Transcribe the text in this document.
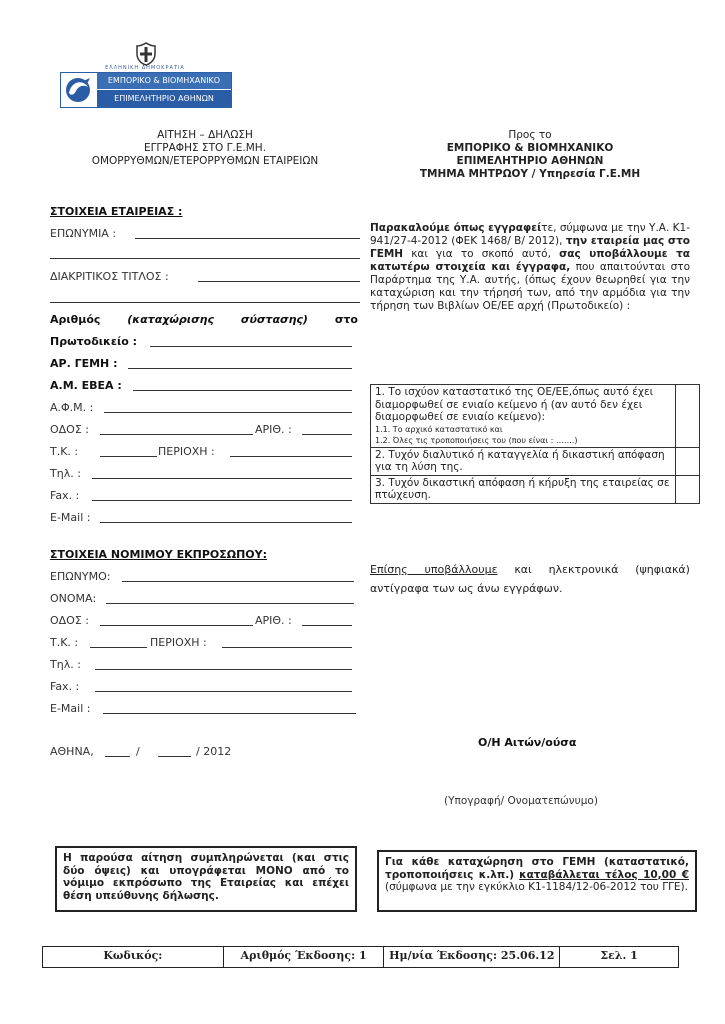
ΕΛΛΗΝΙΚΗ ΔΗΜΟΚΡΑΤΙΑ
ΕΜΠΟΡΙΚΟ & ΒΙΟΜΗΧΑΝΙΚΟ
ΕΠΙΜΕΛΗΤΗΡΙΟ ΑΘΗΝΩΝ
ΑΙΤΗΣΗ – ΔΗΛΩΣΗ
ΕΓΓΡΑΦΗΣ ΣΤΟ Γ.Ε.ΜΗ.
ΟΜΟΡΡΥΘΜΩΝ/ΕΤΕΡΟΡΡΥΘΜΩΝ ΕΤΑΙΡΕΙΩΝ
Προς το
ΕΜΠΟΡΙΚΟ & ΒΙΟΜΗΧΑΝΙΚΟ
ΕΠΙΜΕΛΗΤΗΡΙΟ ΑΘΗΝΩΝ
ΤΜΗΜΑ ΜΗΤΡΩΟΥ / Υπηρεσία Γ.Ε.ΜΗ
ΣΤΟΙΧΕΙΑ ΕΤΑΙΡΕΙΑΣ :
ΕΠΩΝΥΜΙΑ :
ΔΙΑΚΡΙΤΙΚΟΣ ΤΙΤΛΟΣ :
Αριθμός (καταχώρισης σύστασης) στο
Πρωτοδικείο :
ΑΡ. ΓΕΜΗ :
Α.Μ. ΕΒΕΑ :
Α.Φ.Μ. :
ΟΔΟΣ :	ΑΡΙΘ. :
Τ.Κ. :	ΠΕΡΙΟΧΗ :
Τηλ. :
Fax. :
E-Mail :
Παρακαλούμε όπως εγγραφείτε, σύμφωνα με την Υ.Α. Κ1-941/27-4-2012 (ΦΕΚ 1468/ Β/ 2012), την εταιρεία μας στο ΓΕΜΗ και για το σκοπό αυτό, σας υποβάλλουμε τα κατωτέρω στοιχεία και έγγραφα, που απαιτούνται στο Παράρτημα της Υ.Α. αυτής, (όπως έχουν θεωρηθεί για την καταχώριση και την τήρησή των, από την αρμόδια για την τήρηση των Βιβλίων ΟΕ/ΕΕ αρχή (Πρωτοδικείο) :
1. Το ισχύον καταστατικό της ΟΕ/ΕΕ,όπως αυτό έχει διαμορφωθεί σε ενιαίο κείμενο ή (αν αυτό δεν έχει διαμορφωθεί σε ενιαίο κείμενο):
1.1. Το αρχικό καταστατικό και
1.2. Όλες τις τροποποιήσεις του (που είναι : …….)	

2. Τυχόν διαλυτικό ή καταγγελία ή δικαστική απόφαση για τη λύση της.	
3. Τυχόν δικαστική απόφαση ή κήρυξη της εταιρείας σε πτώχευση.	
Επίσης υποβάλλουμε και ηλεκτρονικά (ψηφιακά) αντίγραφα των ως άνω εγγράφων.
ΣΤΟΙΧΕΙΑ ΝΟΜΙΜΟΥ ΕΚΠΡΟΣΩΠΟΥ:
ΕΠΩΝΥΜΟ:
ΟΝΟΜΑ:
ΟΔΟΣ :	ΑΡΙΘ. :
Τ.Κ. :	ΠΕΡΙΟΧΗ :
Τηλ. :
Fax. :
E-Mail :
ΑΘΗΝΑ,	/	/ 2012
Ο/Η Αιτών/ούσα
(Υπογραφή/ Ονοματεπώνυμο)
Η παρούσα αίτηση συμπληρώνεται (και στις δύο όψεις) και υπογράφεται ΜΟΝΟ από το νόμιμο εκπρόσωπο της Εταιρείας και επέχει θέση υπεύθυνης δήλωσης.
Για κάθε καταχώρηση στο ΓΕΜΗ (καταστατικό, τροποποιήσεις κ.λπ.) καταβάλλεται τέλος 10,00 € (σύμφωνα με την εγκύκλιο Κ1-1184/12-06-2012 του ΓΓΕ).
Κωδικός:	Αριθμός Έκδοσης: 1	Ημ/νία Έκδοσης: 25.06.12	Σελ. 1
